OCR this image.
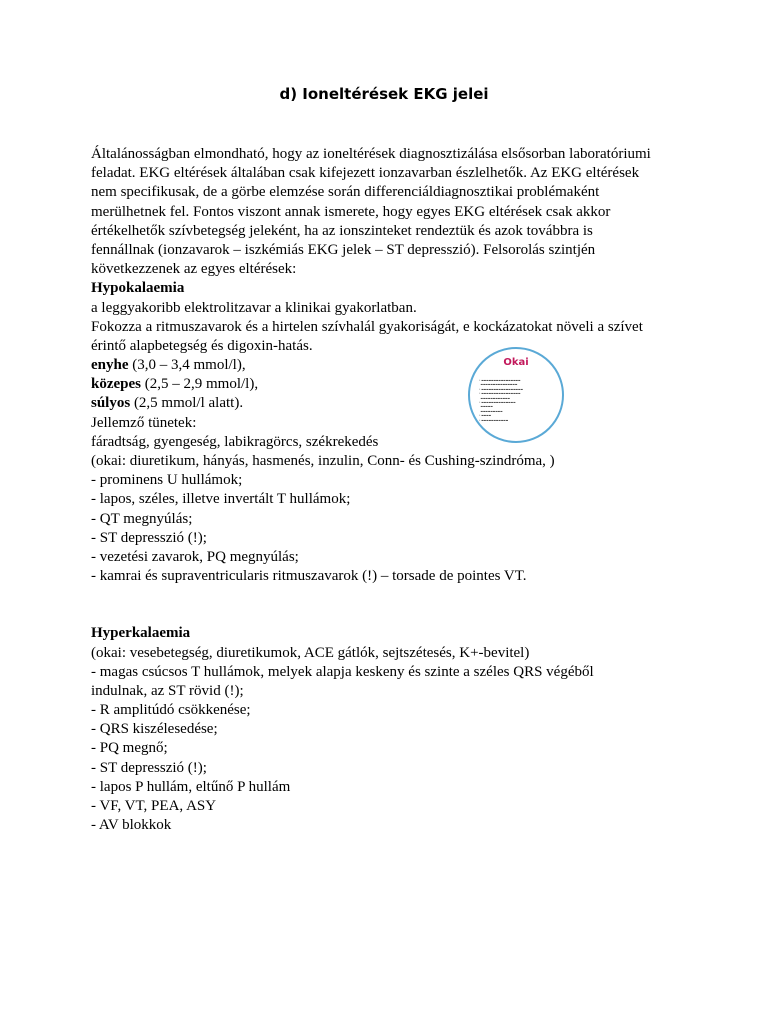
d) Ioneltérések EKG jelei
Általánosságban elmondható, hogy az ioneltérések diagnosztizálása elsősorban laboratóriumi
feladat. EKG eltérések általában csak kifejezett ionzavarban észlelhetők. Az EKG eltérések
nem specifikusak, de a görbe elemzése során differenciáldiagnosztikai problémaként
merülhetnek fel. Fontos viszont annak ismerete, hogy egyes EKG eltérések csak akkor
értékelhetők szívbetegség jeleként, ha az ionszinteket rendeztük és azok továbbra is
fennállnak (ionzavarok – iszkémiás EKG jelek – ST depresszió). Felsorolás szintjén
következzenek az egyes eltérések:
Hypokalaemia
a leggyakoribb elektrolitzavar a klinikai gyakorlatban.
Fokozza a ritmuszavarok és a hirtelen szívhalál gyakoriságát, e kockázatokat növeli a szívet
érintő alapbetegség és digoxin-hatás.
enyhe (3,0 – 3,4 mmol/l),
közepes (2,5 – 2,9 mmol/l),
súlyos (2,5 mmol/l alatt).
Jellemző tünetek:
fáradtság, gyengeség, labikragörcs, székrekedés
(okai: diuretikum, hányás, hasmenés, inzulin, Conn- és Cushing-szindróma, )
- prominens U hullámok;
- lapos, széles, illetve invertált T hullámok;
- QT megnyúlás;
- ST depresszió (!);
- vezetési zavarok, PQ megnyúlás;
- kamrai és supraventricularis ritmuszavarok (!) – torsade de pointes VT.
Hyperkalaemia
(okai: vesebetegség, diuretikumok, ACE gátlók, sejtszétesés, K+-bevitel)
- magas csúcsos T hullámok, melyek alapja keskeny és szinte a széles QRS végéből
indulnak, az ST rövid (!);
- R amplitúdó csökkenése;
- QRS kiszélesedése;
- PQ megnő;
- ST depresszió (!);
- lapos P hullám, eltűnő P hullám
- VF, VT, PEA, ASY
- AV blokkok
Okai
• ▬▬▬▬▬▬▬▬▬▬▬▬▬▬▬▬
▬▬▬▬▬▬▬▬▬▬▬▬▬▬▬
• ▬▬▬▬▬▬▬▬▬▬▬▬▬▬▬▬▬
• ▬▬▬▬▬▬▬▬▬▬▬▬▬▬▬▬
▬▬▬▬▬▬▬▬▬▬▬▬
• ▬▬▬▬▬▬▬▬▬▬▬▬▬▬
▬▬▬▬▬
▬▬▬▬▬▬▬▬▬
• ▬▬▬▬
• ▬▬▬▬▬▬▬▬▬▬▬
